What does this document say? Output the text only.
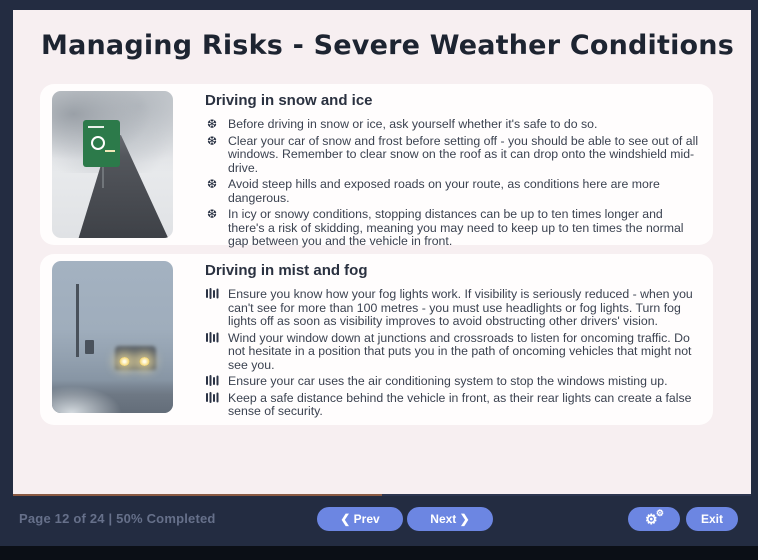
Managing Risks - Severe Weather Conditions
Driving in snow and ice
❆ Before driving in snow or ice, ask yourself whether it's safe to do so.
❆ Clear your car of snow and frost before setting off - you should be able to see out of all windows. Remember to clear snow on the roof as it can drop onto the windshield mid-drive.
❆ Avoid steep hills and exposed roads on your route, as conditions here are more dangerous.
❆ In icy or snowy conditions, stopping distances can be up to ten times longer and there's a risk of skidding, meaning you may need to keep up to ten times the normal gap between you and the vehicle in front.
Driving in mist and fog
Ensure you know how your fog lights work. If visibility is seriously reduced - when you can't see for more than 100 metres - you must use headlights or fog lights. Turn fog lights off as soon as visibility improves to avoid obstructing other drivers' vision.
Wind your window down at junctions and crossroads to listen for oncoming traffic. Do not hesitate in a position that puts you in the path of oncoming vehicles that might not see you.
Ensure your car uses the air conditioning system to stop the windows misting up.
Keep a safe distance behind the vehicle in front, as their rear lights can create a false sense of security.
Page 12 of 24 | 50% Completed	❮ Prev	Next ❯	⚙
⚙	Exit
